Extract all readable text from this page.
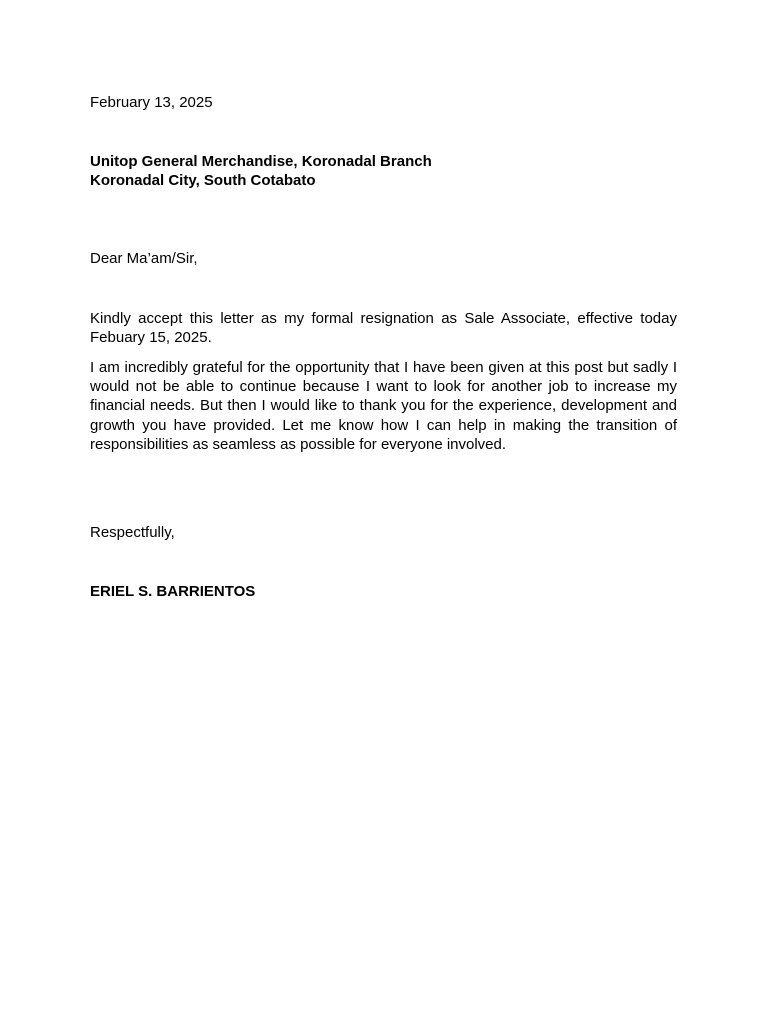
February 13, 2025
Unitop General Merchandise, Koronadal Branch
Koronadal City, South Cotabato
Dear Ma’am/Sir,
Kindly accept this letter as my formal resignation as Sale Associate, effective today Febuary 15, 2025.
I am incredibly grateful for the opportunity that I have been given at this post but sadly I would not be able to continue because I want to look for another job to increase my financial needs. But then I would like to thank you for the experience, development and growth you have provided. Let me know how I can help in making the transition of responsibilities as seamless as possible for everyone involved.
Respectfully,
ERIEL S. BARRIENTOS
